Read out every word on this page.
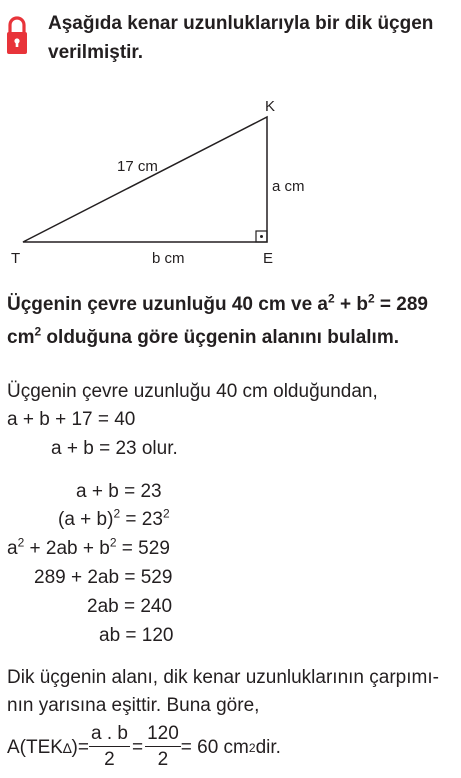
Aşağıda kenar uzunluklarıyla bir dik üçgen verilmiştir.
K
T	E
17 cm
a cm
b cm
Üçgenin çevre uzunluğu 40 cm ve $a^2 + b^2 = 289$ $cm^2$ olduğuna göre üçgenin alanını bulalım.
Üçgenin çevre uzunluğu 40 cm olduğundan,
a + b + 17 = 40
a + b = 23 olur.
a + b = 23
$(a + b)^2 = 23^2$
$a^2 + 2ab + b^2 = 529$
289 + 2ab = 529
2ab = 240
ab = 120
Dik üçgenin alanı, dik kenar uzunluklarının çarpımı-
nın yarısına eşittir. Buna göre,
A(TEK ∆ )= $\frac{a . b}{2} = \frac{120}{2} = 60$ cm 2 dir.
